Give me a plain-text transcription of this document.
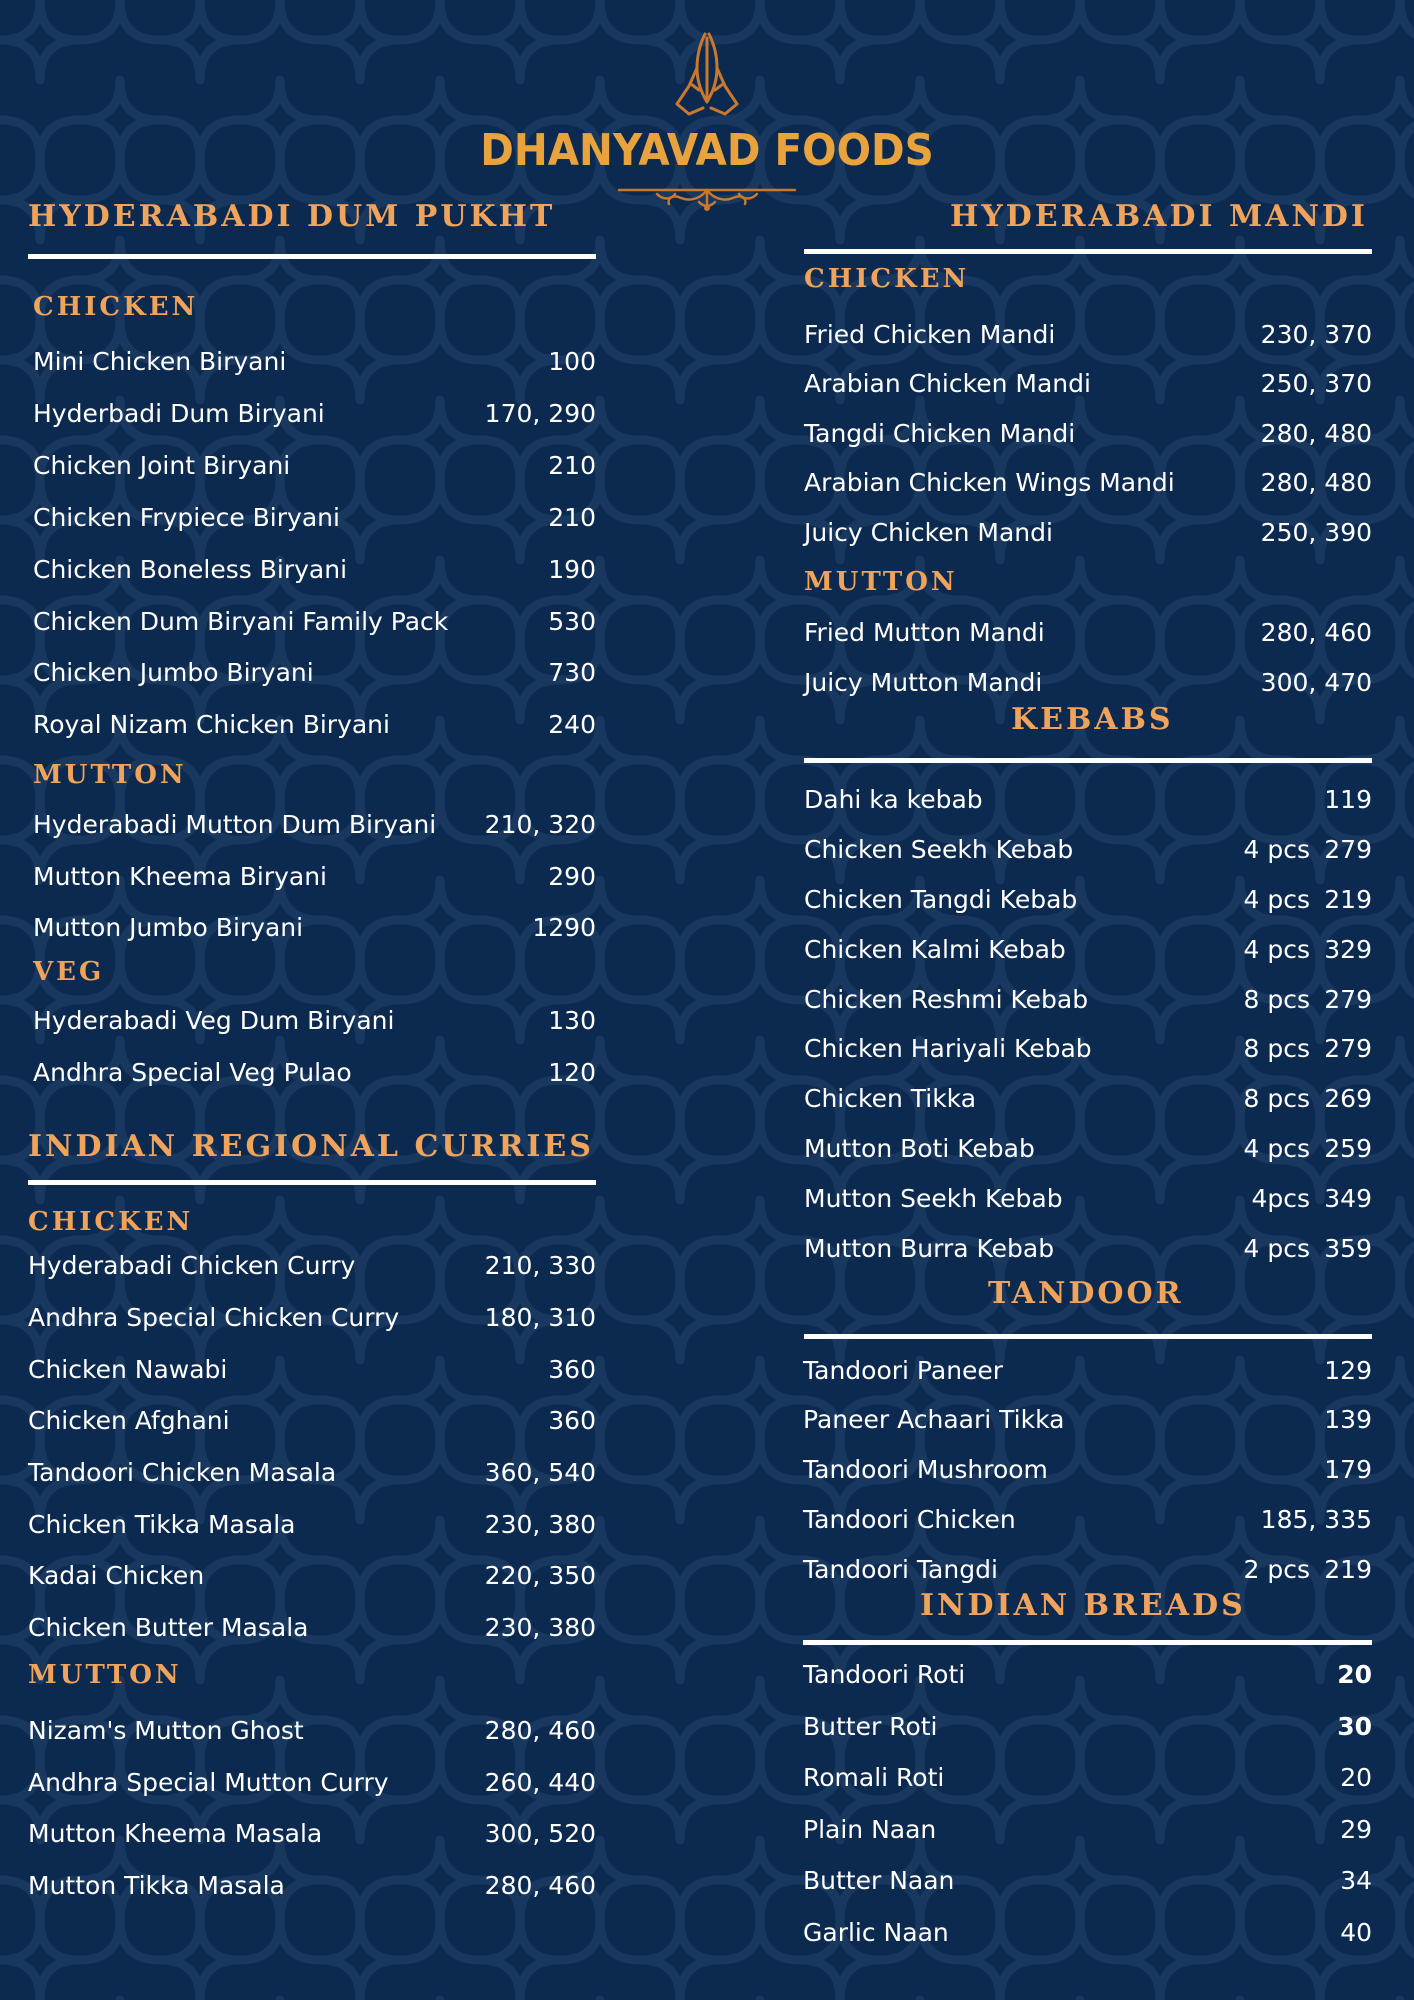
DHANYAVAD FOODS
HYDERABADI DUM PUKHT
CHICKEN
Mini Chicken Biryani	100
Hyderbadi Dum Biryani	170, 290
Chicken Joint Biryani	210
Chicken Frypiece Biryani	210
Chicken Boneless Biryani	190
Chicken Dum Biryani Family Pack	530
Chicken Jumbo Biryani	730
Royal Nizam Chicken Biryani	240
MUTTON
Hyderabadi Mutton Dum Biryani 210, 320
Mutton Kheema Biryani	290
Mutton Jumbo Biryani	1290
VEG
Hyderabadi Veg Dum Biryani	130
Andhra Special Veg Pulao	120
INDIAN REGIONAL CURRIES
CHICKEN
Hyderabadi Chicken Curry	210, 330
Andhra Special Chicken Curry	180, 310
Chicken Nawabi	360
Chicken Afghani	360
Tandoori Chicken Masala	360, 540
Chicken Tikka Masala	230, 380
Kadai Chicken	220, 350
Chicken Butter Masala	230, 380
MUTTON
Nizam's Mutton Ghost	280, 460
Andhra Special Mutton Curry	260, 440
Mutton Kheema Masala	300, 520
Mutton Tikka Masala	280, 460
HYDERABADI MANDI
CHICKEN
Fried Chicken Mandi	230, 370
Arabian Chicken Mandi	250, 370
Tangdi Chicken Mandi	280, 480
Arabian Chicken Wings Mandi	280, 480
Juicy Chicken Mandi	250, 390
MUTTON
Fried Mutton Mandi	280, 460
Juicy Mutton Mandi	300, 470
KEBABS
Dahi ka kebab	119
Chicken Seekh Kebab	4 pcs 279
Chicken Tangdi Kebab	4 pcs 219
Chicken Kalmi Kebab	4 pcs 329
Chicken Reshmi Kebab	8 pcs 279
Chicken Hariyali Kebab	8 pcs 279
Chicken Tikka	8 pcs 269
Mutton Boti Kebab	4 pcs 259
Mutton Seekh Kebab	4pcs 349
Mutton Burra Kebab	4 pcs 359
TANDOOR
Tandoori Paneer	129
Paneer Achaari Tikka	139
Tandoori Mushroom	179
Tandoori Chicken	185, 335
Tandoori Tangdi	2 pcs 219
INDIAN BREADS
Tandoori Roti	20
Butter Roti	30
Romali Roti	20
Plain Naan	29
Butter Naan	34
Garlic Naan	40
